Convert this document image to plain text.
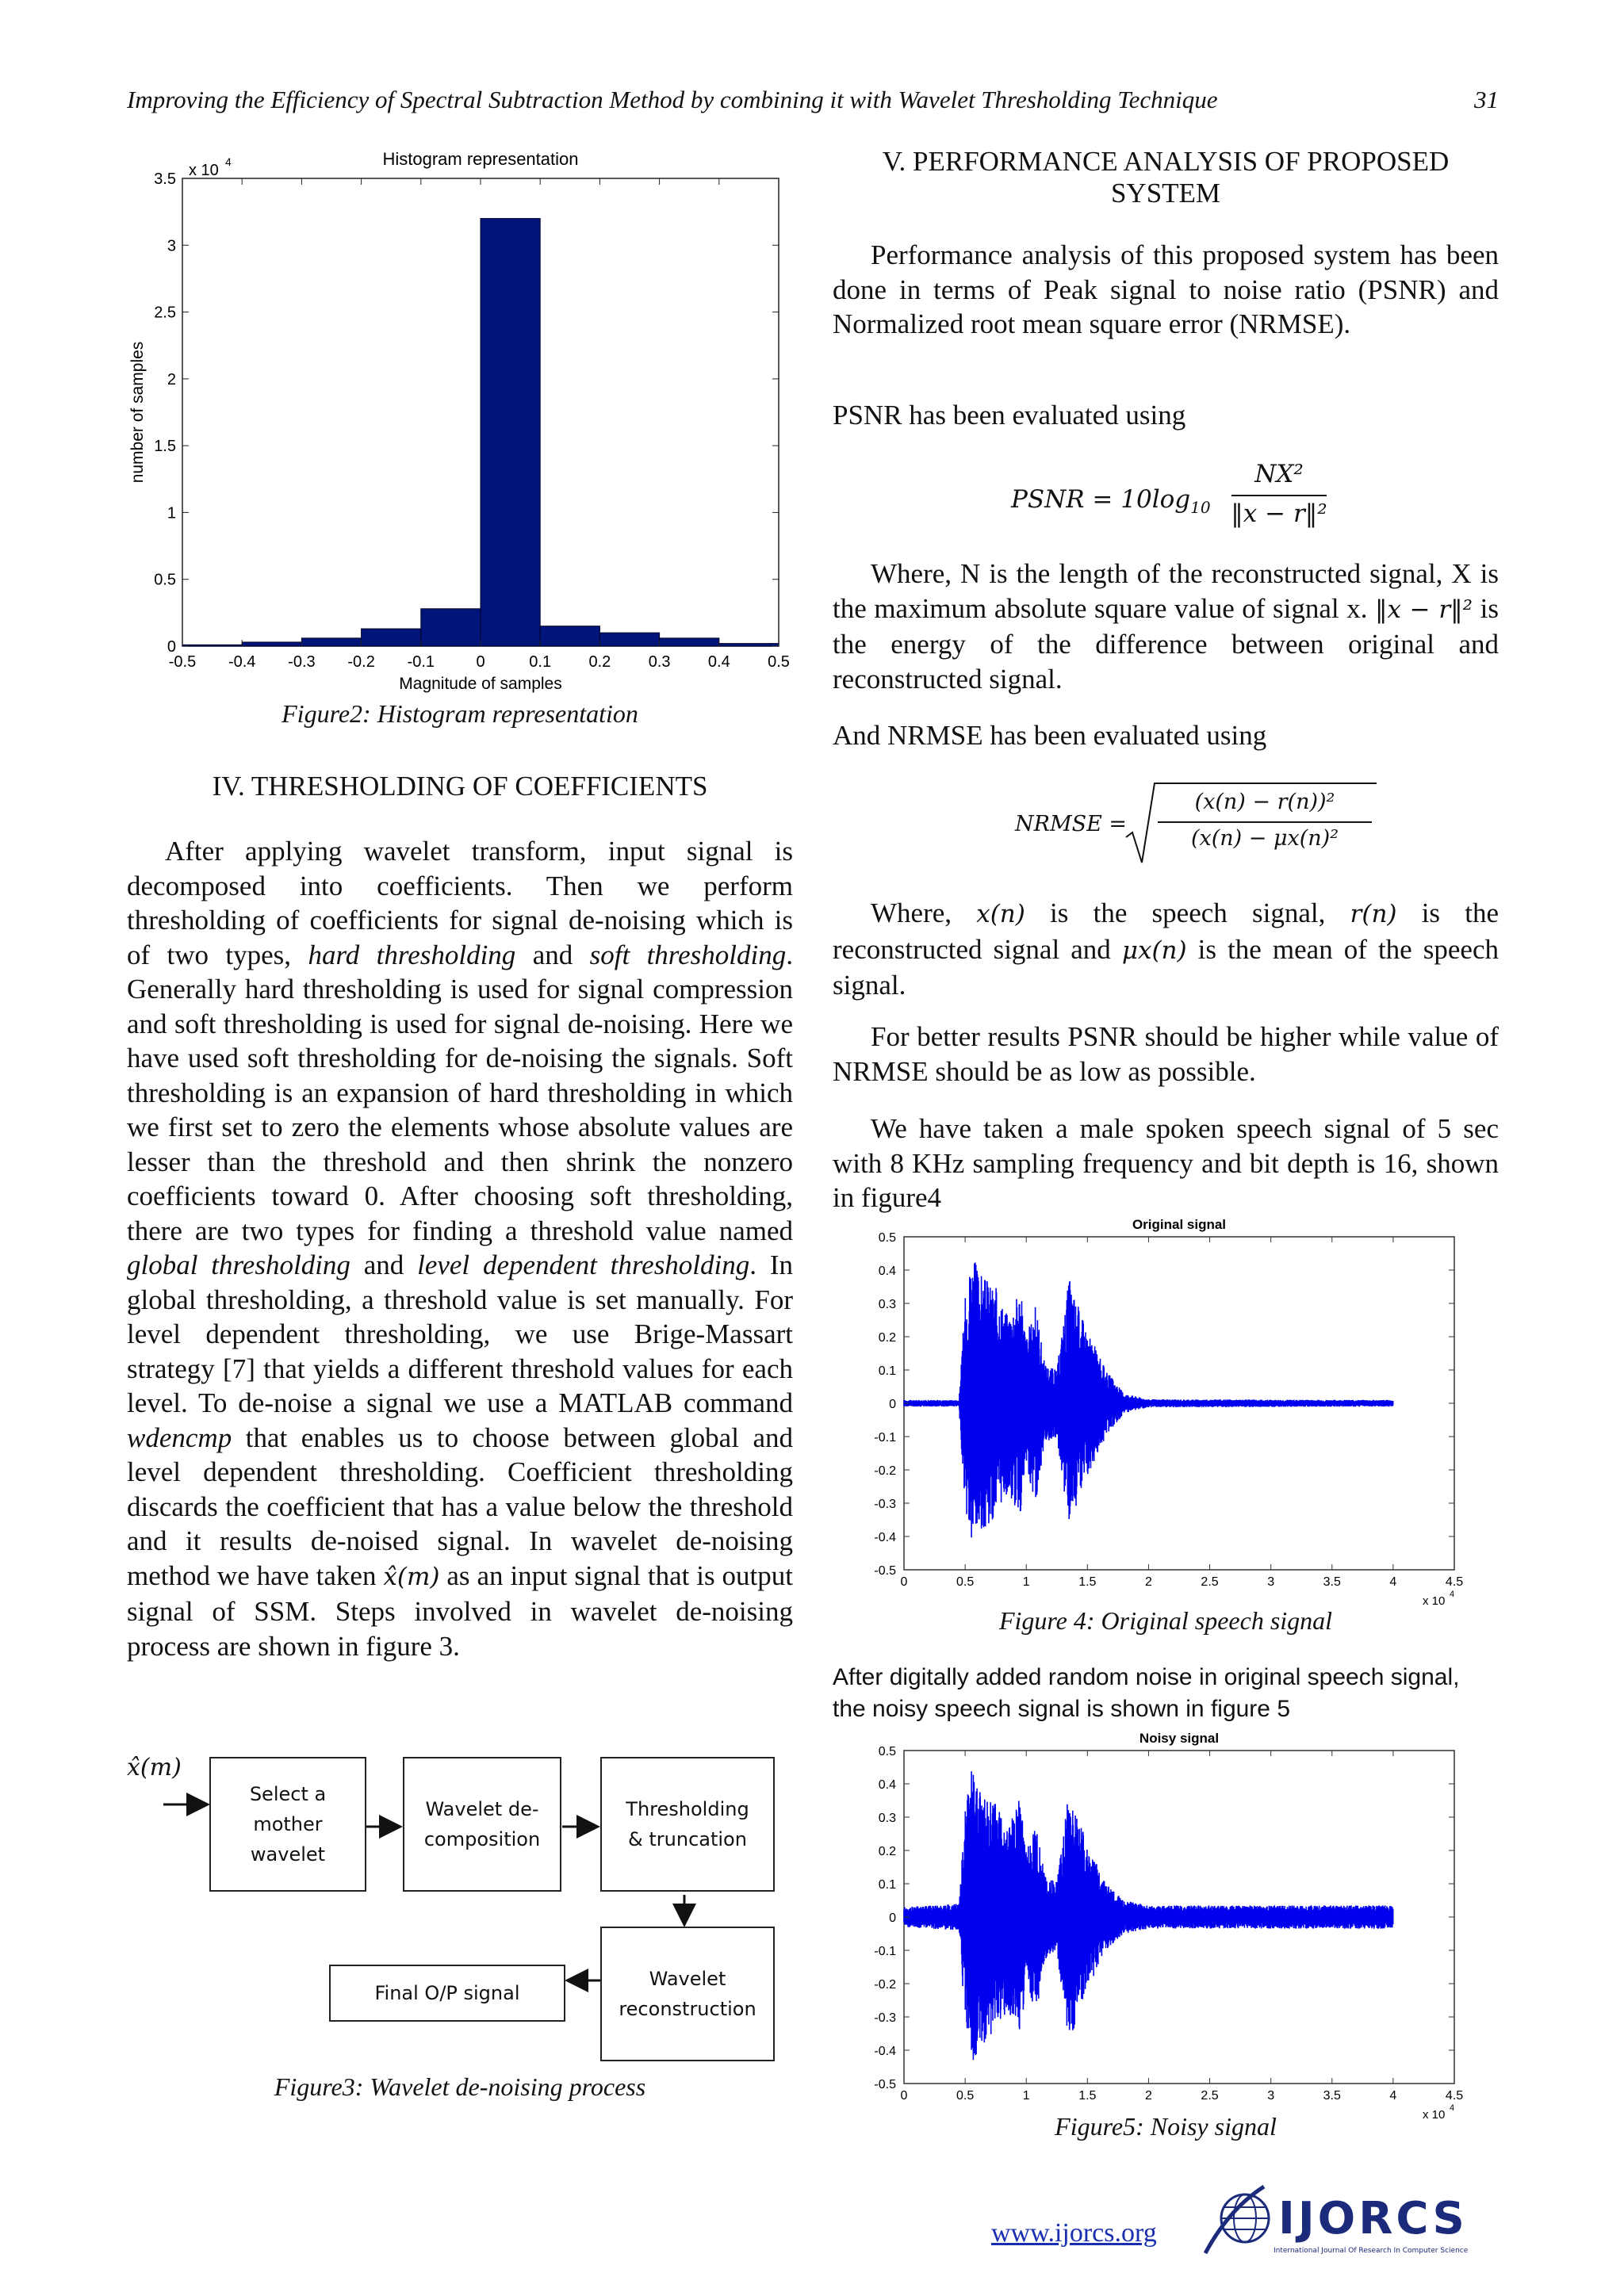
Improving the Efficiency of Spectral Subtraction Method by combining it with Wavelet Thresholding Technique	31
Histogram representation
-0.5 -0.4 -0.3 -0.2 -0.1	0	0.1 0.2 0.3 0.4 0.5
0
0.5
1
1.5
2
2.5
3
3.5 x 10 4
Magnitude of samples
number of samples
Figure2: Histogram representation
IV. THRESHOLDING OF COEFFICIENTS

After applying wavelet transform, input signal is decomposed into coefficients. Then we perform thresholding of coefficients for signal de-noising which is of two types, hard thresholding and soft thresholding. Generally hard thresholding is used for signal compression and soft thresholding is used for signal de-noising. Here we have used soft thresholding for de-noising the signals. Soft thresholding is an expansion of hard thresholding in which we first set to zero the elements whose absolute values are lesser than the threshold and then shrink the nonzero coefficients toward 0. After choosing soft thresholding, there are two types for finding a threshold value named global thresholding and level dependent thresholding. In global thresholding, a threshold value is set manually. For level dependent thresholding, we use Brige-Massart strategy [7] that yields a different threshold values for each level. To de-noise a signal we use a MATLAB command wdencmp that enables us to choose between global and level dependent thresholding. Coefficient thresholding discards the coefficient that has a value below the threshold and it results de-noised signal. In wavelet de-noising method we have taken x̂(m) as an input signal that is output signal of SSM. Steps involved in wavelet de-noising process are shown in figure 3.

x̂(m)
Select a mother wavelet
Wavelet de-composition
Thresholding & truncation
Wavelet reconstruction
Final O/P signal
Figure3: Wavelet de-noising process
V. PERFORMANCE ANALYSIS OF PROPOSED
SYSTEM

Performance analysis of this proposed system has been done in terms of Peak signal to noise ratio (PSNR) and Normalized root mean square error (NRMSE).

PSNR has been evaluated using

PSNR = $10\log_{10}$
NX²
‖x − r‖²

Where, N is the length of the reconstructed signal, X is the maximum absolute square value of signal x. ‖x − r‖² is the energy of the difference between original and reconstructed signal.

And NRMSE has been evaluated using

NRMSE =
(x(n) − r(n))²
(x(n) − μx(n)²

Where, x(n) is the speech signal, r(n) is the reconstructed signal and μx(n) is the mean of the speech signal.

For better results PSNR should be higher while value of NRMSE should be as low as possible.

We have taken a male spoken speech signal of 5 sec with 8 KHz sampling frequency and bit depth is 16, shown in figure4

Original signal
0	0.5	1	1.5	2	2.5	3	3.5	4	4.5
0.5
0.4
0.3
0.2
0.1
0
-0.1
-0.2
-0.3
-0.4
-0.5
x 10 4
Figure 4: Original speech signal

After digitally added random noise in original speech signal, the noisy speech signal is shown in figure 5

Noisy signal
0	0.5	1	1.5	2	2.5	3	3.5	4	4.5
0.5
0.4
0.3
0.2
0.1
0
-0.1
-0.2
-0.3
-0.4
-0.5
x 10 4
Figure5: Noisy signal
www.ijorcs.org	IJORCS
International Journal Of Research In Computer Science
